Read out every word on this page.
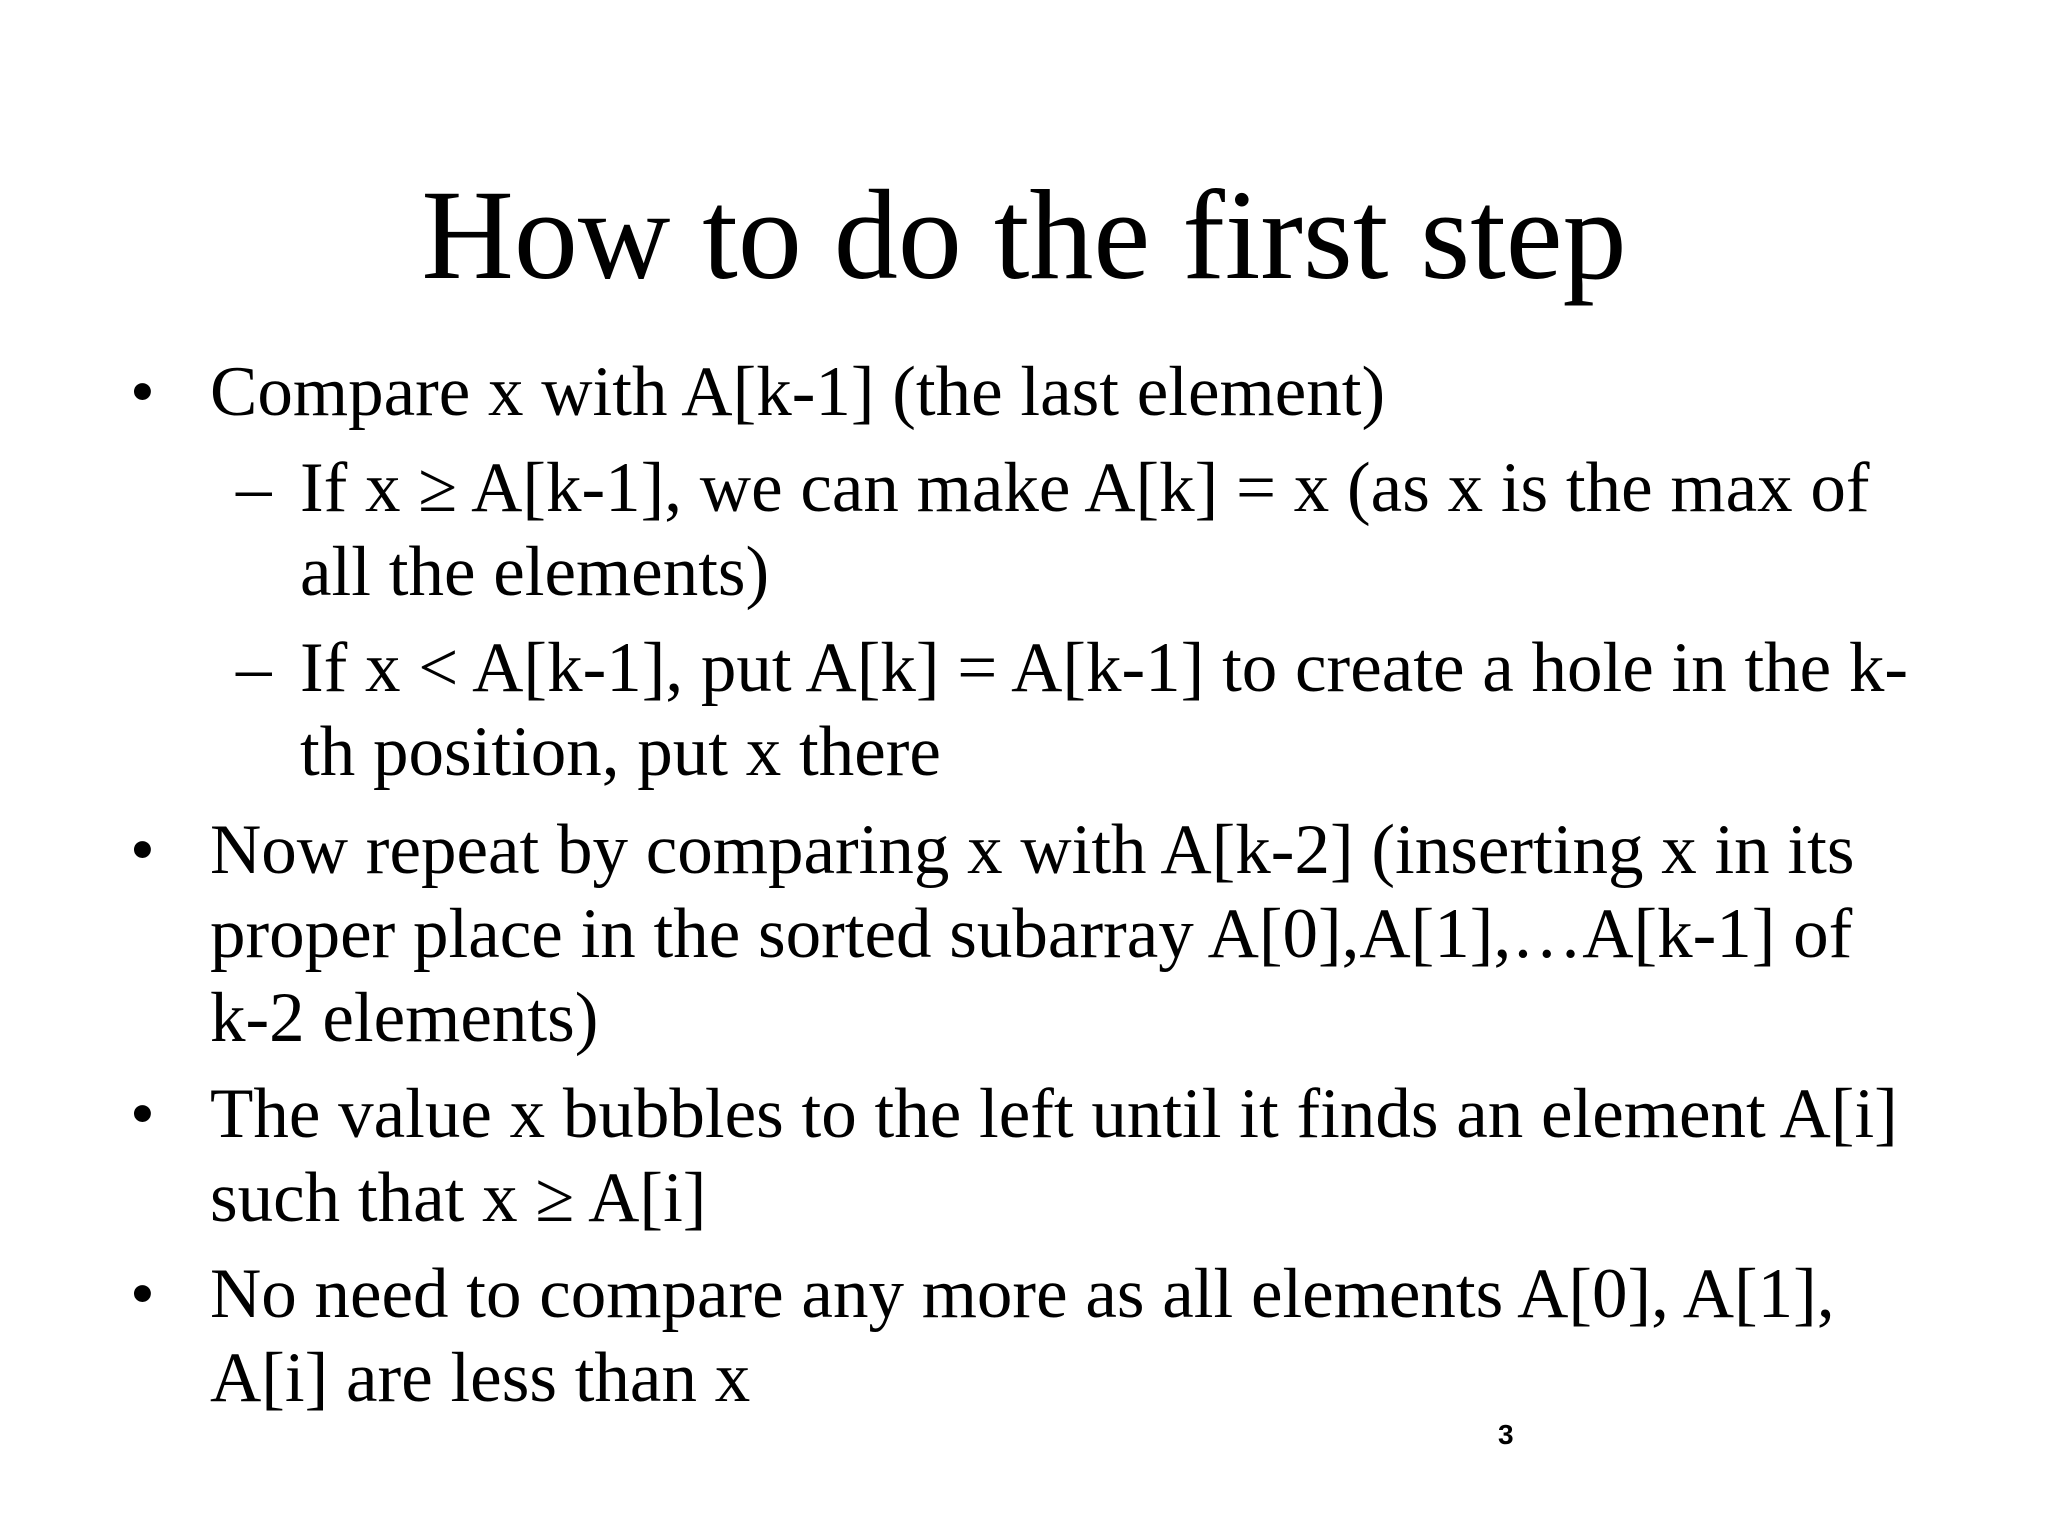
How to do the first step
• Compare x with A[k-1] (the last element)
– If x ≥ A[k-1], we can make A[k] = x (as x is the max of
all the elements)
– If x < A[k-1], put A[k] = A[k-1] to create a hole in the k-
th position, put x there
• Now repeat by comparing x with A[k-2] (inserting x in its
proper place in the sorted subarray A[0],A[1],…A[k-1] of
k-2 elements)
• The value x bubbles to the left until it finds an element A[i]
such that x ≥ A[i]
• No need to compare any more as all elements A[0], A[1],
A[i] are less than x
3
